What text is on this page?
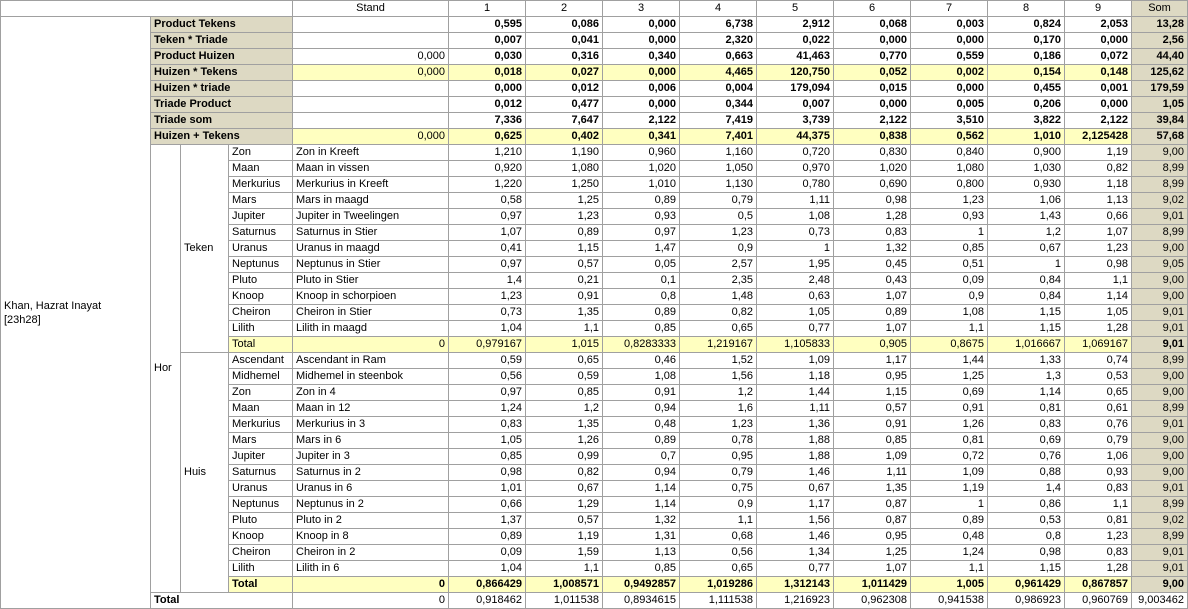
				Stand	1	2	3	4	5	6	7	8	9	Som

Khan, Hazrat Inayat
[23h28]	Product Tekens				0,595	0,086	0,000	6,738	2,912	0,068	0,003	0,824	2,053	13,28
	Teken * Triade				0,007	0,041	0,000	2,320	0,022	0,000	0,000	0,170	0,000	2,56
	Product Huizen			0,000	0,030	0,316	0,340	0,663	41,463	0,770	0,559	0,186	0,072	44,40
	Huizen * Tekens			0,000	0,018	0,027	0,000	4,465	120,750	0,052	0,002	0,154	0,148	125,62
	Huizen * triade				0,000	0,012	0,006	0,004	179,094	0,015	0,000	0,455	0,001	179,59
	Triade Product				0,012	0,477	0,000	0,344	0,007	0,000	0,005	0,206	0,000	1,05
	Triade som				7,336	7,647	2,122	7,419	3,739	2,122	3,510	3,822	2,122	39,84
	Huizen + Tekens			0,000	0,625	0,402	0,341	7,401	44,375	0,838	0,562	1,010	2,125428	57,68
	Hor	Teken	Zon	Zon in Kreeft	1,210	1,190	0,960	1,160	0,720	0,830	0,840	0,900	1,19	9,00
			Maan	Maan in vissen	0,920	1,080	1,020	1,050	0,970	1,020	1,080	1,030	0,82	8,99
			Merkurius	Merkurius in Kreeft	1,220	1,250	1,010	1,130	0,780	0,690	0,800	0,930	1,18	8,99
			Mars	Mars in maagd	0,58	1,25	0,89	0,79	1,11	0,98	1,23	1,06	1,13	9,02
			Jupiter	Jupiter in Tweelingen	0,97	1,23	0,93	0,5	1,08	1,28	0,93	1,43	0,66	9,01
			Saturnus	Saturnus in Stier	1,07	0,89	0,97	1,23	0,73	0,83	1	1,2	1,07	8,99
			Uranus	Uranus in maagd	0,41	1,15	1,47	0,9	1	1,32	0,85	0,67	1,23	9,00
			Neptunus	Neptunus in Stier	0,97	0,57	0,05	2,57	1,95	0,45	0,51	1	0,98	9,05
			Pluto	Pluto in Stier	1,4	0,21	0,1	2,35	2,48	0,43	0,09	0,84	1,1	9,00
			Knoop	Knoop in schorpioen	1,23	0,91	0,8	1,48	0,63	1,07	0,9	0,84	1,14	9,00
			Cheiron	Cheiron in Stier	0,73	1,35	0,89	0,82	1,05	0,89	1,08	1,15	1,05	9,01
			Lilith	Lilith in maagd	1,04	1,1	0,85	0,65	0,77	1,07	1,1	1,15	1,28	9,01
			Total	0	0,979167	1,015	0,8283333	1,219167	1,105833	0,905	0,8675	1,016667	1,069167	9,01
		Huis	Ascendant	Ascendant in Ram	0,59	0,65	0,46	1,52	1,09	1,17	1,44	1,33	0,74	8,99
			Midhemel	Midhemel in steenbok	0,56	0,59	1,08	1,56	1,18	0,95	1,25	1,3	0,53	9,00
			Zon	Zon in 4	0,97	0,85	0,91	1,2	1,44	1,15	0,69	1,14	0,65	9,00
			Maan	Maan in 12	1,24	1,2	0,94	1,6	1,11	0,57	0,91	0,81	0,61	8,99
			Merkurius	Merkurius in 3	0,83	1,35	0,48	1,23	1,36	0,91	1,26	0,83	0,76	9,01
			Mars	Mars in 6	1,05	1,26	0,89	0,78	1,88	0,85	0,81	0,69	0,79	9,00
			Jupiter	Jupiter in 3	0,85	0,99	0,7	0,95	1,88	1,09	0,72	0,76	1,06	9,00
			Saturnus	Saturnus in 2	0,98	0,82	0,94	0,79	1,46	1,11	1,09	0,88	0,93	9,00
			Uranus	Uranus in 6	1,01	0,67	1,14	0,75	0,67	1,35	1,19	1,4	0,83	9,01
			Neptunus	Neptunus in 2	0,66	1,29	1,14	0,9	1,17	0,87	1	0,86	1,1	8,99
			Pluto	Pluto in 2	1,37	0,57	1,32	1,1	1,56	0,87	0,89	0,53	0,81	9,02
			Knoop	Knoop in 8	0,89	1,19	1,31	0,68	1,46	0,95	0,48	0,8	1,23	8,99
			Cheiron	Cheiron in 2	0,09	1,59	1,13	0,56	1,34	1,25	1,24	0,98	0,83	9,01
			Lilith	Lilith in 6	1,04	1,1	0,85	0,65	0,77	1,07	1,1	1,15	1,28	9,01
			Total	0	0,866429	1,008571	0,9492857	1,019286	1,312143	1,011429	1,005	0,961429	0,867857	9,00
	Total			0	0,918462	1,011538	0,8934615	1,111538	1,216923	0,962308	0,941538	0,986923	0,960769	9,003462
